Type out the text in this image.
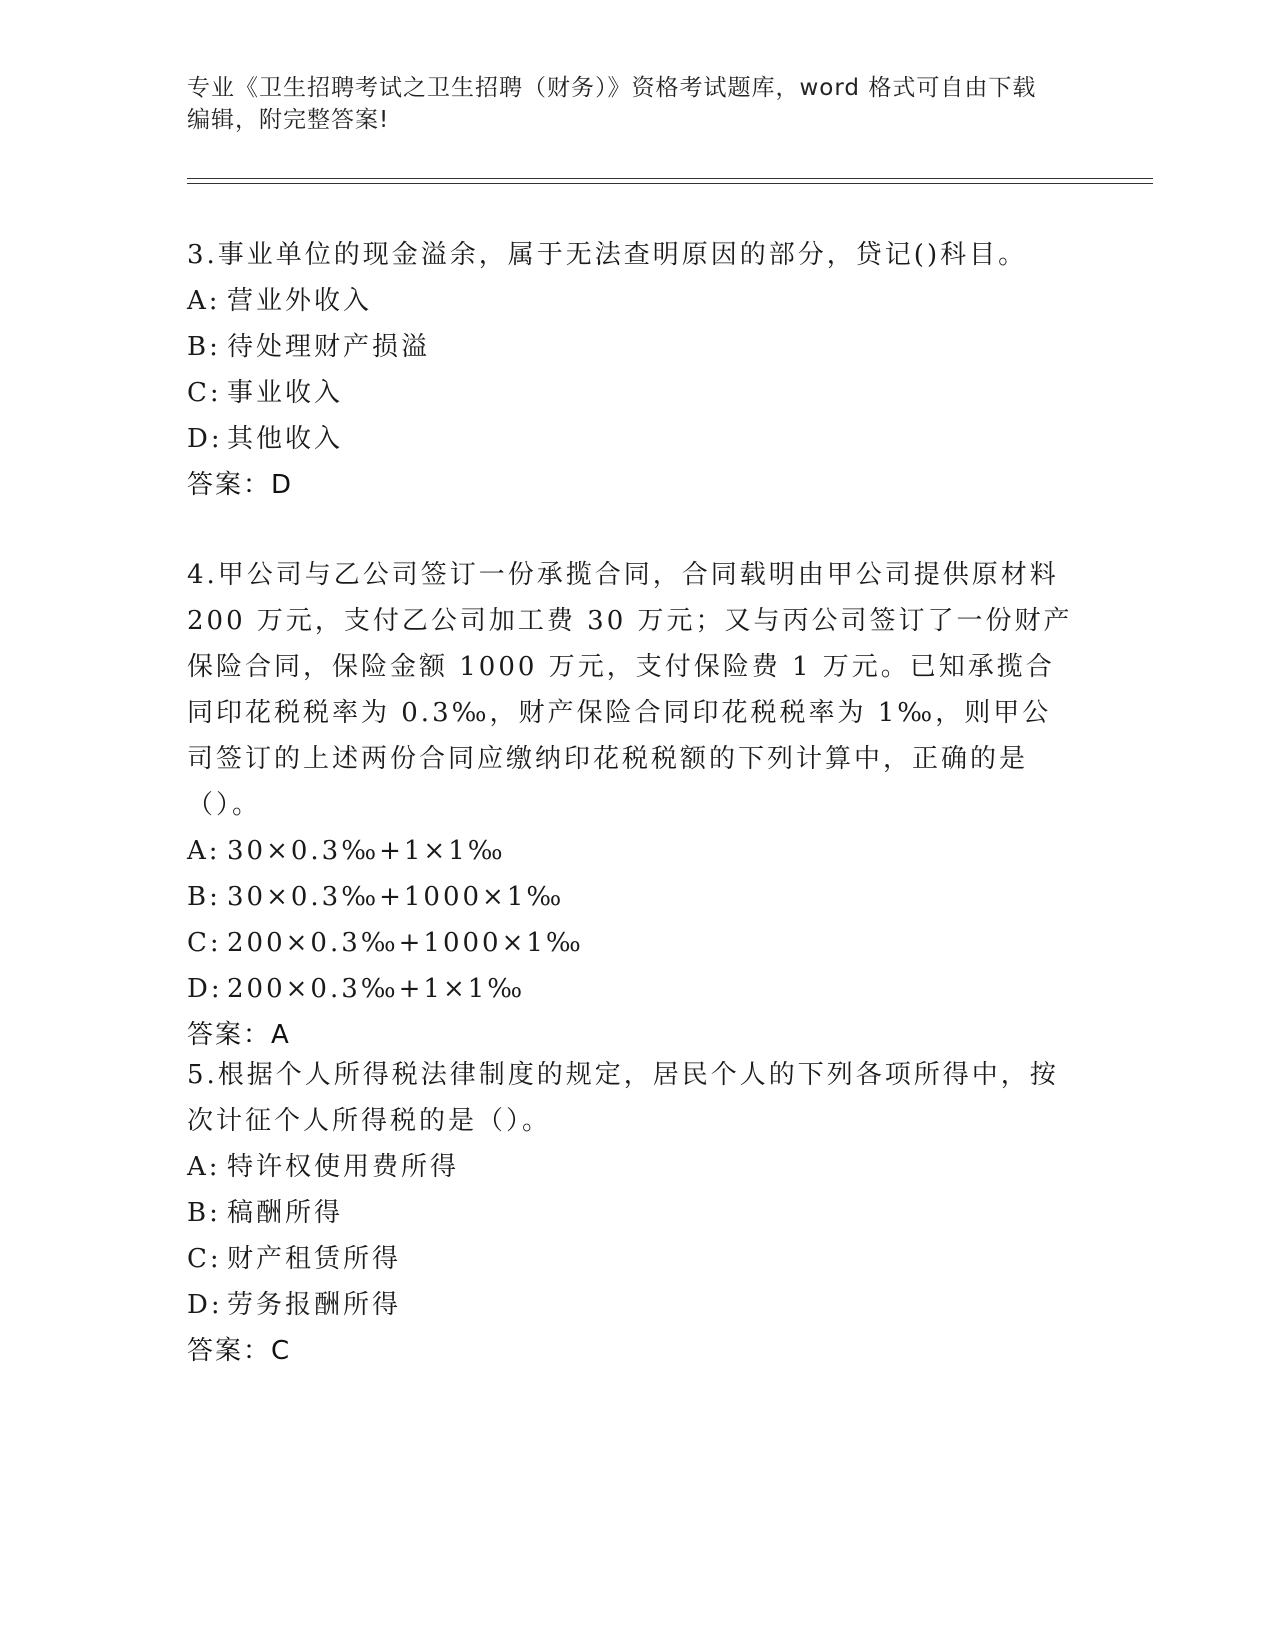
专业《卫生招聘考试之卫生招聘（财务）》资格考试题库，word 格式可自由下载
编辑，附完整答案!

3.事业单位的现金溢余，属于无法查明原因的部分，贷记()科目。

A: 营业外收入

B: 待处理财产损溢

C: 事业收入

D: 其他收入

答案：D

4.甲公司与乙公司签订一份承揽合同，合同载明由甲公司提供原材料 200 万元，支付乙公司加工费 30 万元；又与丙公司签订了一份财产保险合同，保险金额 1000 万元，支付保险费 1 万元。已知承揽合同印花税税率为 0.3‰，财产保险合同印花税税率为 1‰，则甲公司签订的上述两份合同应缴纳印花税税额的下列计算中，正确的是（）。

A: 30×0.3‰+1×1‰

B: 30×0.3‰+1000×1‰

C: 200×0.3‰+1000×1‰

D: 200×0.3‰+1×1‰

答案：A

5.根据个人所得税法律制度的规定，居民个人的下列各项所得中，按次计征个人所得税的是（）。

A: 特许权使用费所得

B: 稿酬所得

C: 财产租赁所得

D: 劳务报酬所得

答案：C
